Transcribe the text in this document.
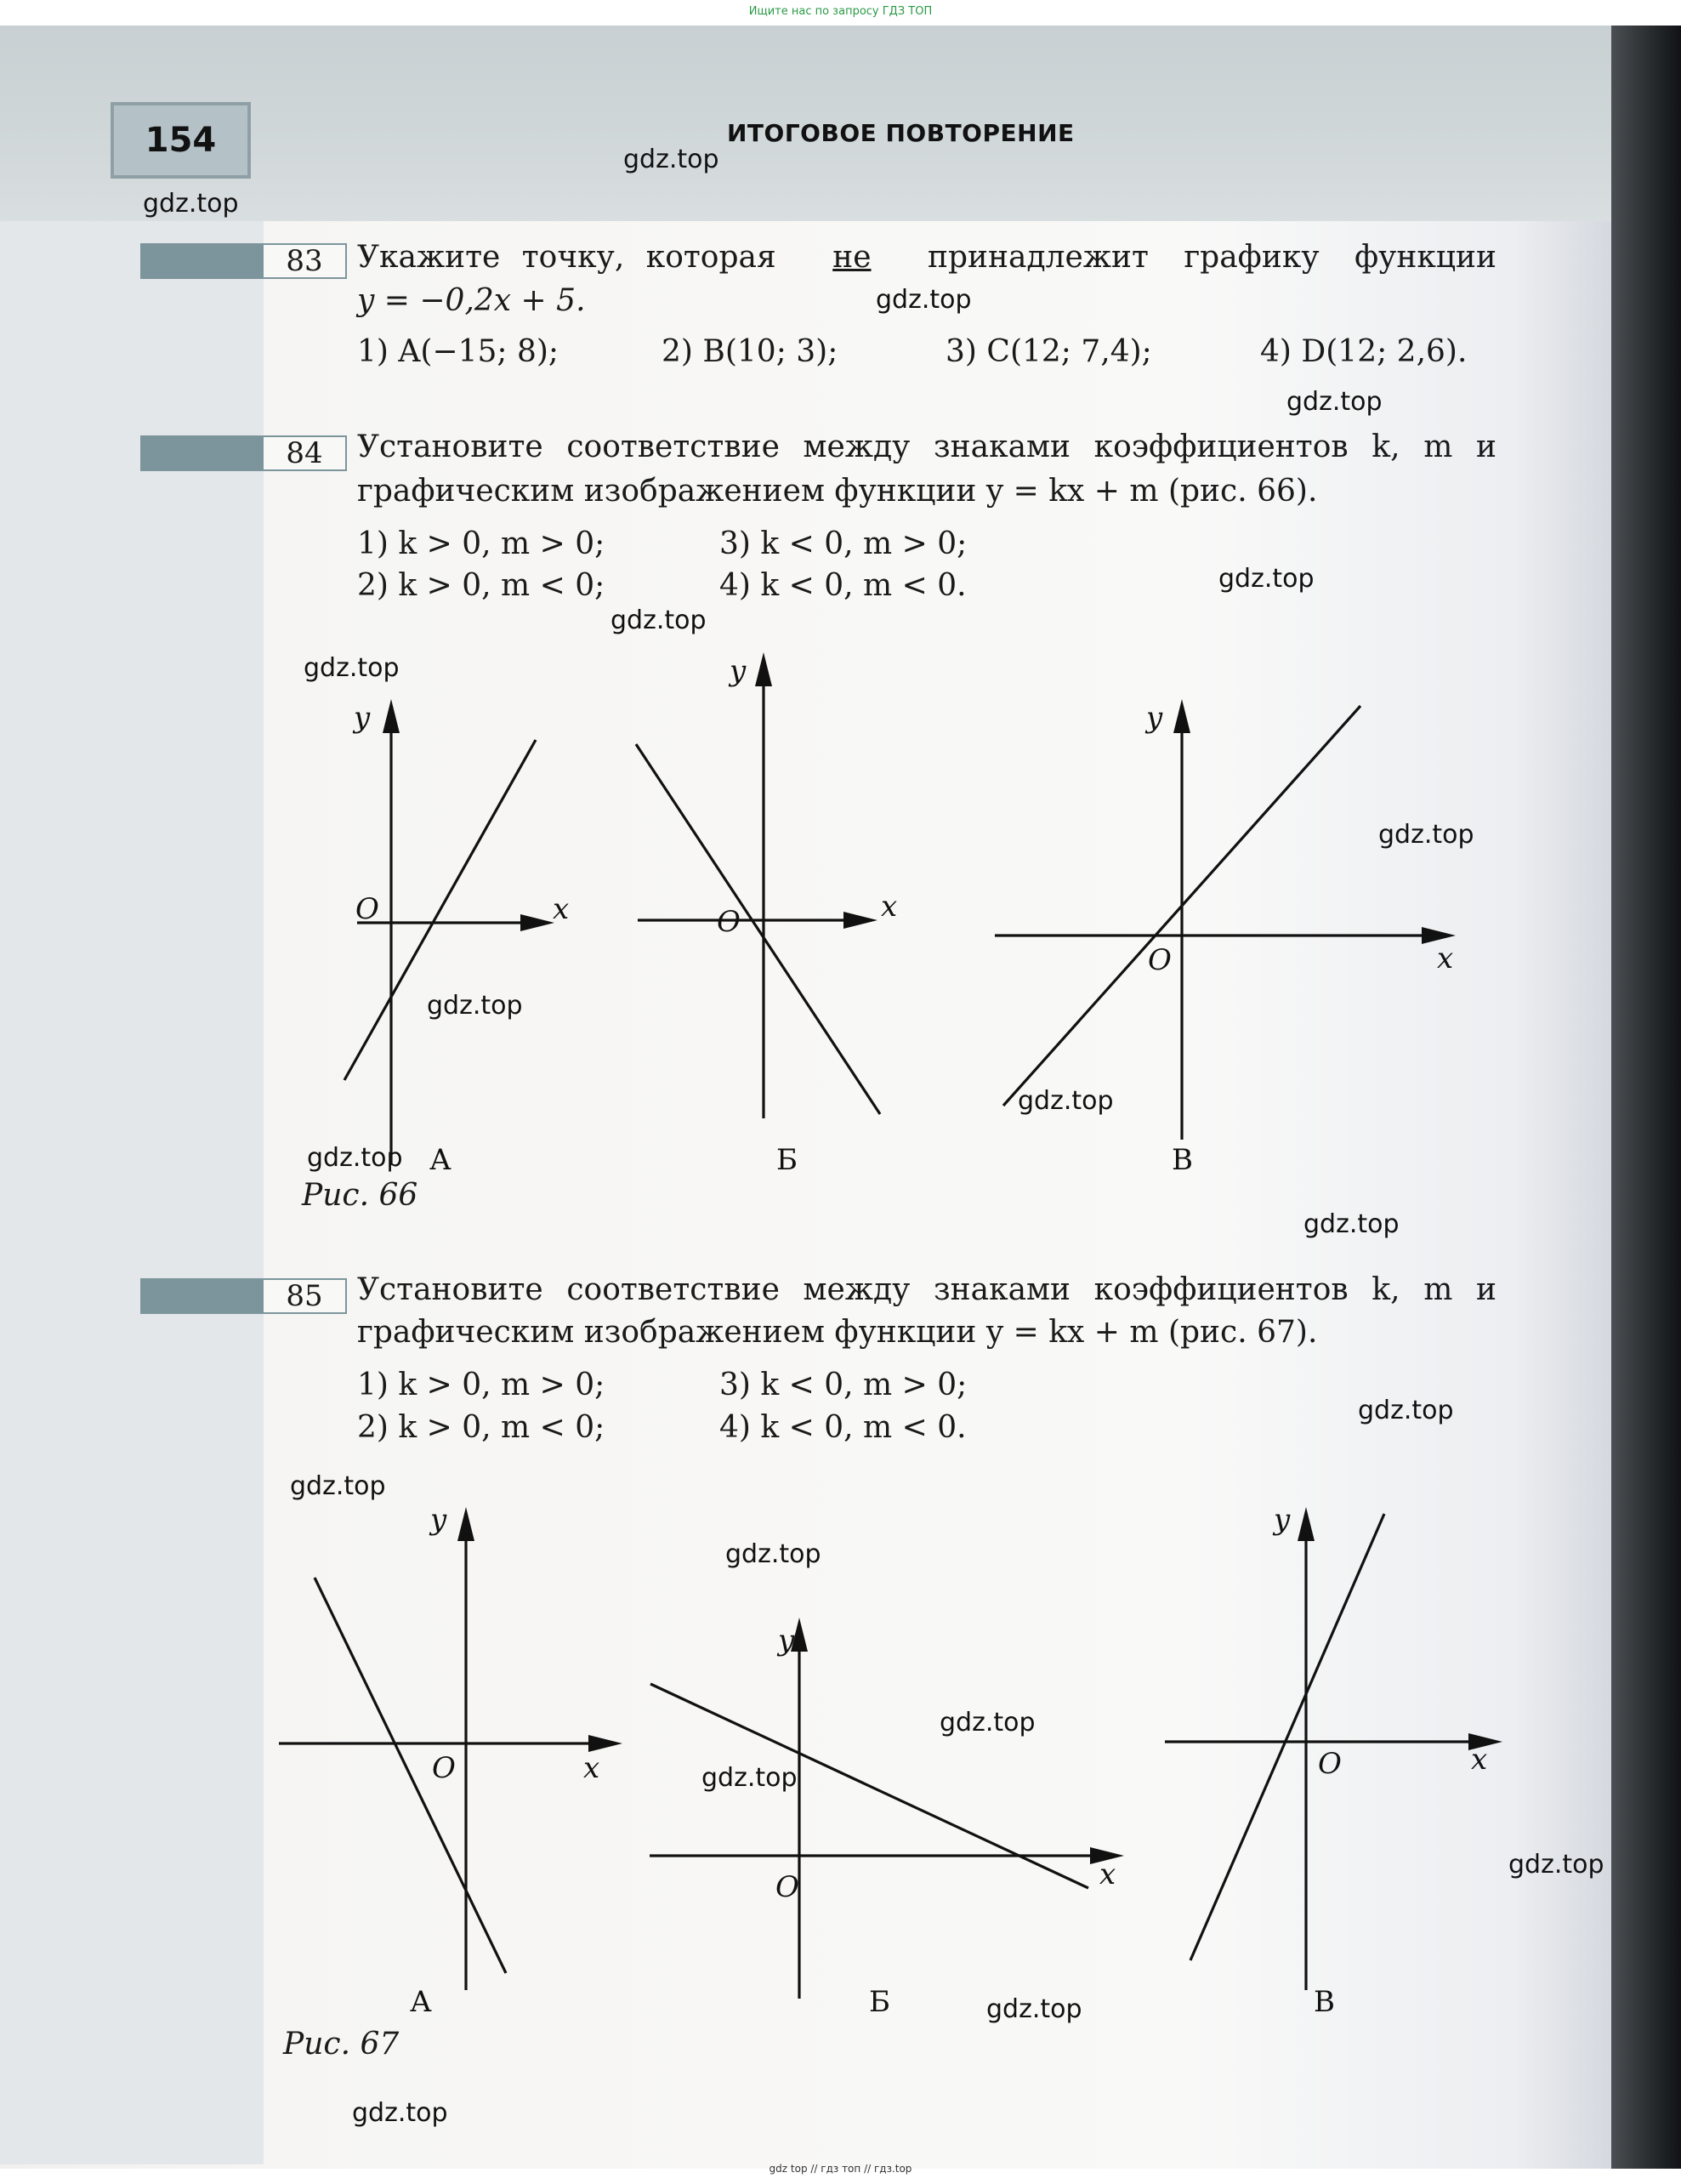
Ищите нас по запросу ГДЗ ТОП
gdz top // гдз топ // гдз.top
154	ИТОГОВОЕ ПОВТОРЕНИЕ
gdz.top
gdz.top
gdz.top
gdz.top
gdz.top
gdz.top
gdz.top
gdz.top
gdz.top
gdz.top
gdz.top
gdz.top
gdz.top
gdz.top
gdz.top
gdz.top
gdz.top
gdz.top
gdz.top
gdz.top
83	Укажите точку, которая не принадлежит графику функции
y = −0,2x + 5.
1) A(−15; 8);	2) B(10; 3);	3) C(12; 7,4);	4) D(12; 2,6).
84	Установите соответствие между знаками коэффициентов k, m и
графическим изображением функции y = kx + m (рис. 66).
1) k > 0, m > 0;	3) k < 0, m > 0;
2) k > 0, m < 0;	4) k < 0, m < 0.
y
x
O
А
y
x
O
Б
y
x
O
В
Рис. 66
85	Установите соответствие между знаками коэффициентов k, m и
графическим изображением функции y = kx + m (рис. 67).
1) k > 0, m > 0;	3) k < 0, m > 0;
2) k > 0, m < 0;	4) k < 0, m < 0.
y
x
O
А
y
x
O
Б
y
x
O
В
Рис. 67
